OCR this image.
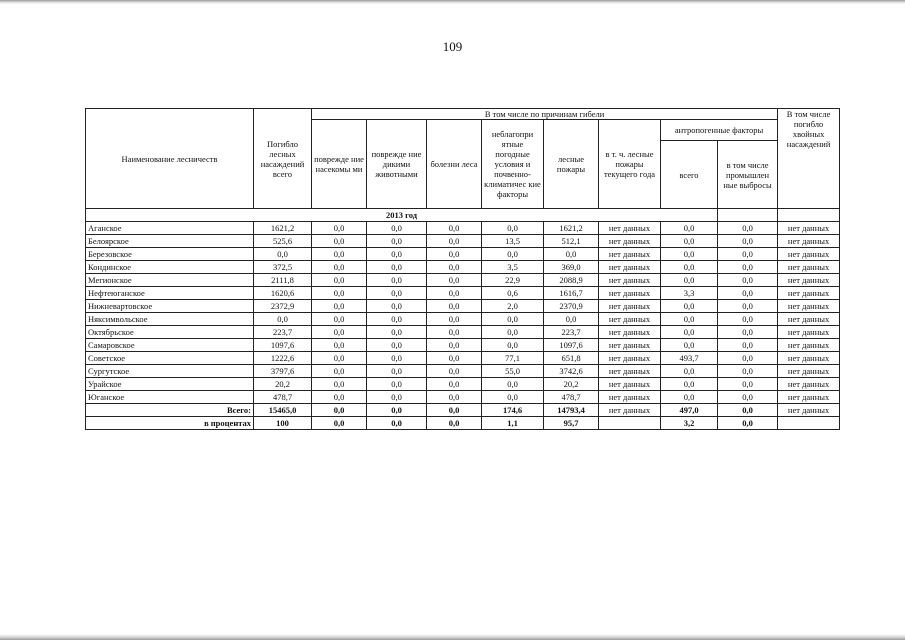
109
Наименование лесничеств	Погибло лесных насаждений всего	В том числе по причинам гибели								В том числе погибло хвойных насаждений
		поврежде ние насекомы ми	поврежде ние дикими животными	болезни леса	неблагопри ятные погодные условия и почвенно-климатичес кие факторы	лесные пожары	в т. ч. лесные пожары текущего года	антропогенные факторы		
								всего	в том числе промышлен ные выбросы	
2013 год										
Аганское	1621,2	0,0	0,0	0,0	0,0	1621,2	нет данных	0,0	0,0	нет данных
Белоярское	525,6	0,0	0,0	0,0	13,5	512,1	нет данных	0,0	0,0	нет данных
Березовское	0,0	0,0	0,0	0,0	0,0	0,0	нет данных	0,0	0,0	нет данных
Кондинское	372,5	0,0	0,0	0,0	3,5	369,0	нет данных	0,0	0,0	нет данных
Мегионское	2111,8	0,0	0,0	0,0	22,9	2088,9	нет данных	0,0	0,0	нет данных
Нефтеюганское	1620,6	0,0	0,0	0,0	0,6	1616,7	нет данных	3,3	0,0	нет данных
Нижневартовское	2372,9	0,0	0,0	0,0	2,0	2370,9	нет данных	0,0	0,0	нет данных
Няксимвольское	0,0	0,0	0,0	0,0	0,0	0,0	нет данных	0,0	0,0	нет данных
Октябрьское	223,7	0,0	0,0	0,0	0,0	223,7	нет данных	0,0	0,0	нет данных
Самаровское	1097,6	0,0	0,0	0,0	0,0	1097,6	нет данных	0,0	0,0	нет данных
Советское	1222,6	0,0	0,0	0,0	77,1	651,8	нет данных	493,7	0,0	нет данных
Сургутское	3797,6	0,0	0,0	0,0	55,0	3742,6	нет данных	0,0	0,0	нет данных
Урайское	20,2	0,0	0,0	0,0	0,0	20,2	нет данных	0,0	0,0	нет данных
Юганское	478,7	0,0	0,0	0,0	0,0	478,7	нет данных	0,0	0,0	нет данных
Всего:	15465,0	0,0	0,0	0,0	174,6	14793,4	нет данных	497,0	0,0	нет данных
в процентах	100	0,0	0,0	0,0	1,1	95,7		3,2	0,0	
